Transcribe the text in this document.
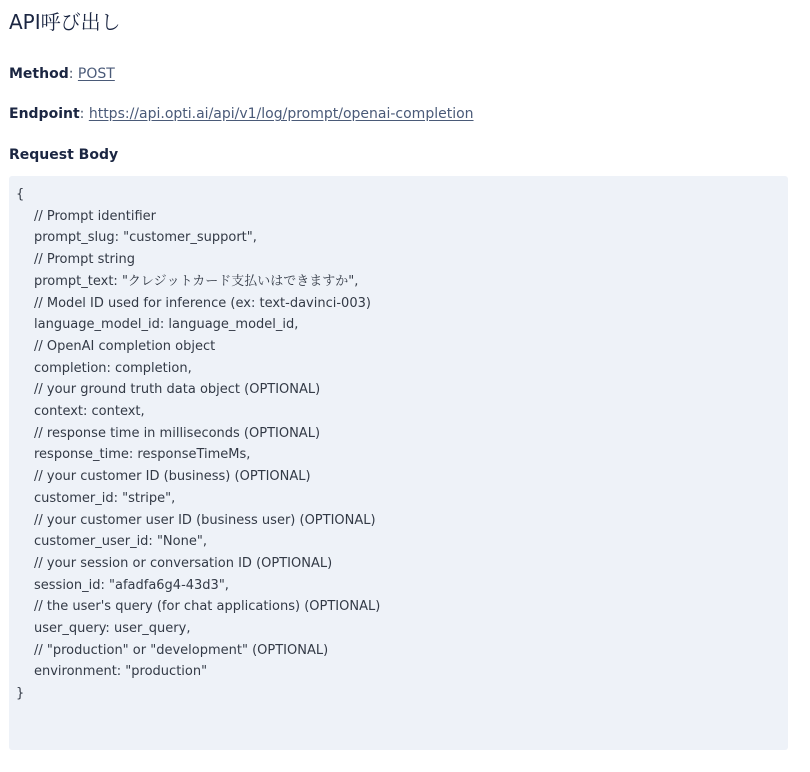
API呼び出し
Method: POST
Endpoint: https://api.opti.ai/api/v1/log/prompt/openai-completion
Request Body
{
// Prompt identifier
prompt_slug: "customer_support",
// Prompt string
prompt_text: "クレジットカード支払いはできますか",
// Model ID used for inference (ex: text-davinci-003)
language_model_id: language_model_id,
// OpenAI completion object
completion: completion,
// your ground truth data object (OPTIONAL)
context: context,
// response time in milliseconds (OPTIONAL)
response_time: responseTimeMs,
// your customer ID (business) (OPTIONAL)
customer_id: "stripe",
// your customer user ID (business user) (OPTIONAL)
customer_user_id: "None",
// your session or conversation ID (OPTIONAL)
session_id: "afadfa6g4-43d3",
// the user's query (for chat applications) (OPTIONAL)
user_query: user_query,
// "production" or "development" (OPTIONAL)
environment: "production"
}
